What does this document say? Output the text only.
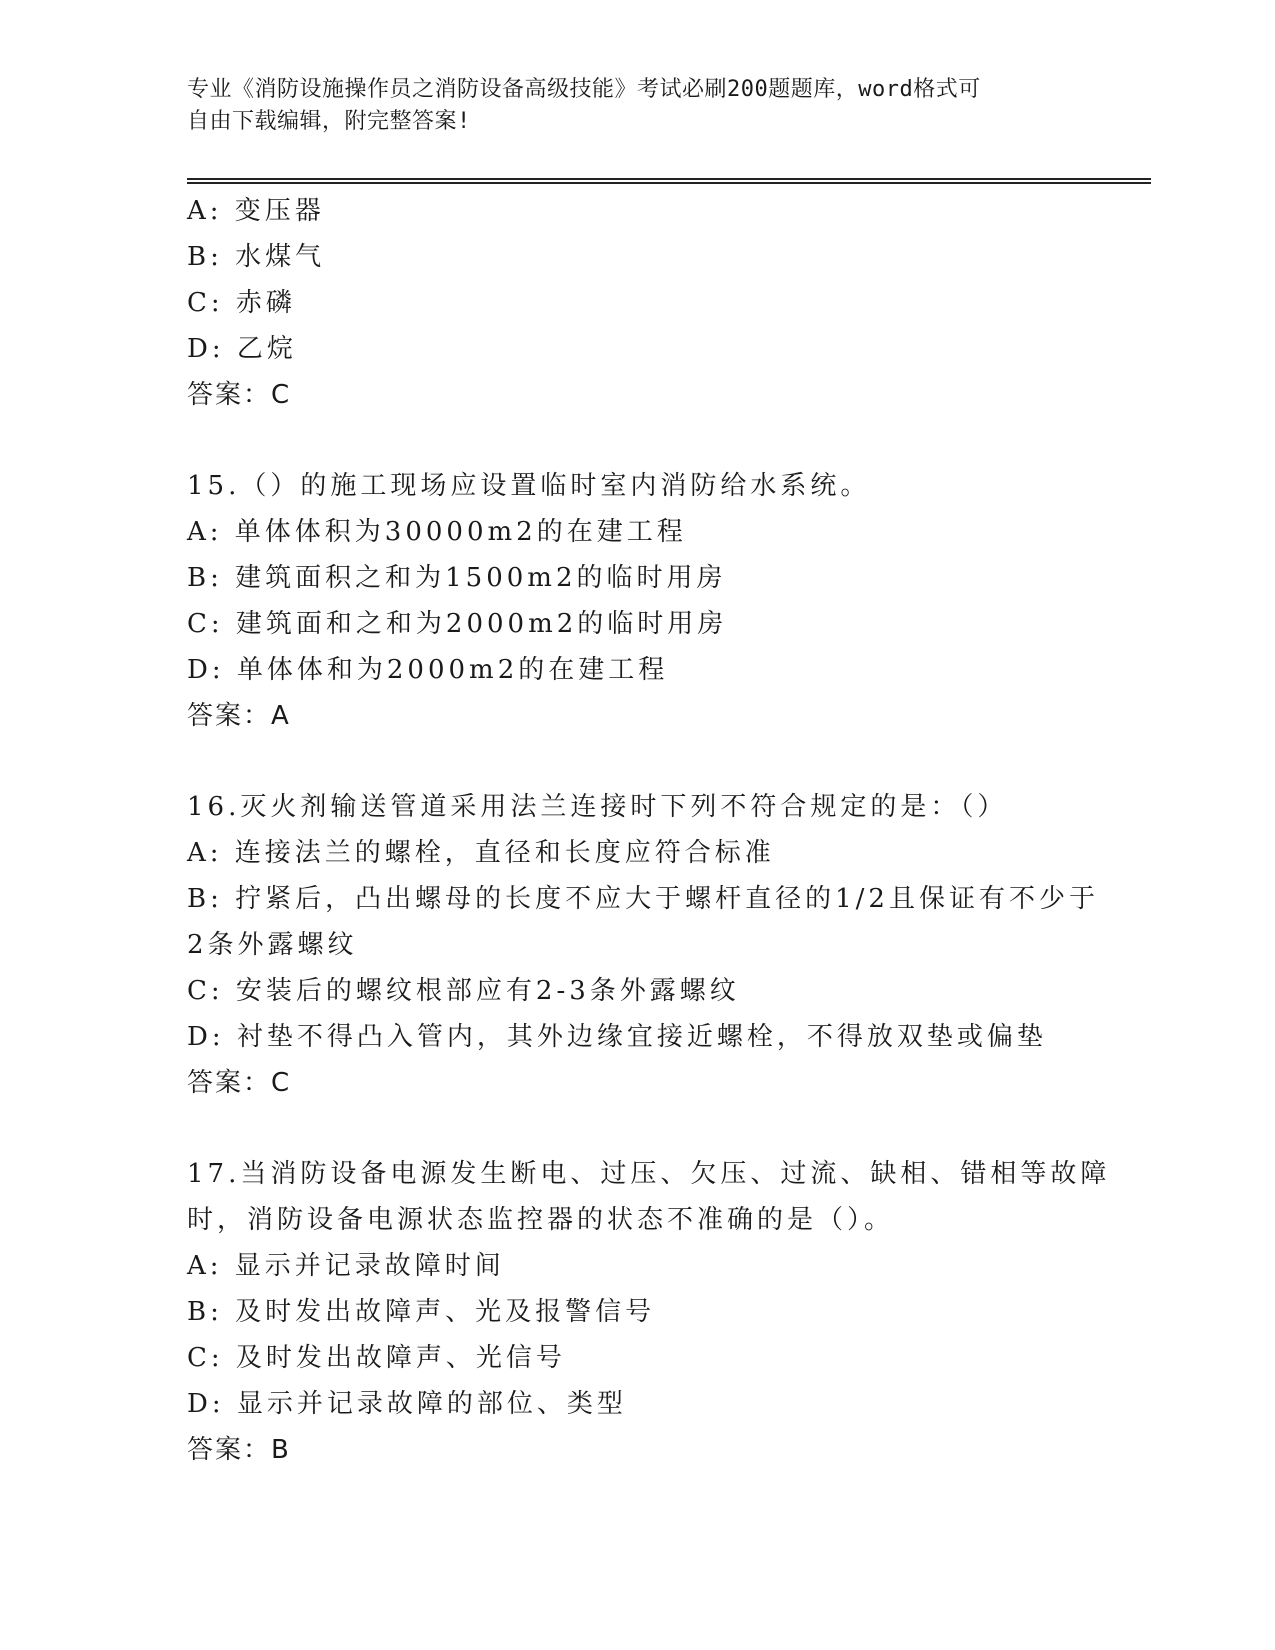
专业《消防设施操作员之消防设备高级技能》考试必刷200题题库，word格式可
自由下载编辑，附完整答案!
A: 变压器
B: 水煤气
C: 赤磷
D: 乙烷
答案：C
15.（）的施工现场应设置临时室内消防给水系统。
A: 单体体积为30000m2的在建工程
B: 建筑面积之和为1500m2的临时用房
C: 建筑面和之和为2000m2的临时用房
D: 单体体和为2000m2的在建工程
答案：A
16.灭火剂输送管道采用法兰连接时下列不符合规定的是：（）
A: 连接法兰的螺栓，直径和长度应符合标准
B: 拧紧后，凸出螺母的长度不应大于螺杆直径的1/2且保证有不少于
2条外露螺纹
C: 安装后的螺纹根部应有2-3条外露螺纹
D: 衬垫不得凸入管内，其外边缘宜接近螺栓，不得放双垫或偏垫
答案：C
17.当消防设备电源发生断电、过压、欠压、过流、缺相、错相等故障
时，消防设备电源状态监控器的状态不准确的是（）。
A: 显示并记录故障时间
B: 及时发出故障声、光及报警信号
C: 及时发出故障声、光信号
D: 显示并记录故障的部位、类型
答案：B
